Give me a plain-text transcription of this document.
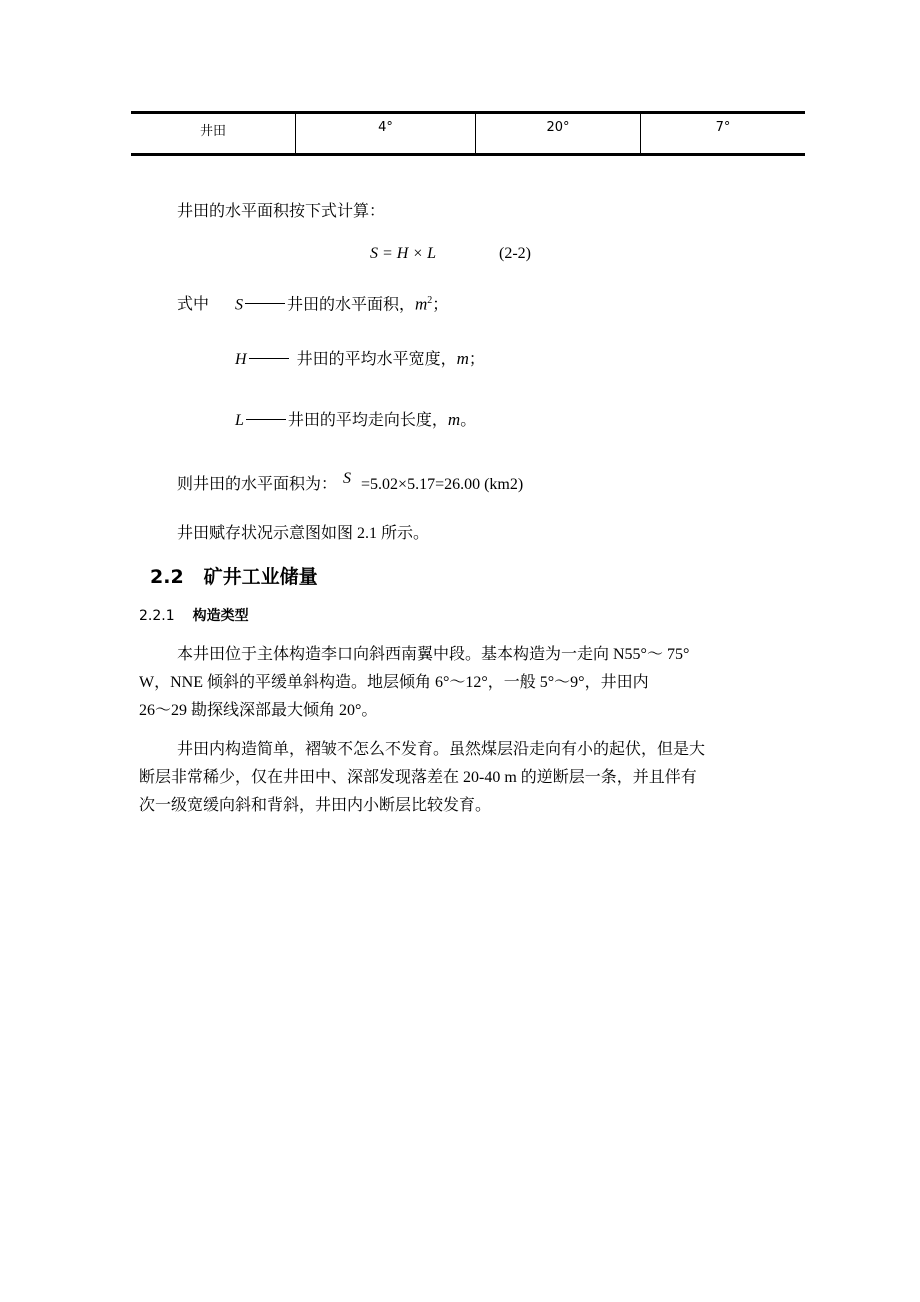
井田	4°	20°	7°
井田的水平面积按下式计算：
S = H × L	(2-2)
式中 S	井田的水平面积，$m^2$；
H	井田的平均水平宽度，m；
L	井田的平均走向长度，m。
则井田的水平面积为： S =5.02×5.17=26.00 (km2)
井田赋存状况示意图如图 2.1 所示。
2.2 矿井工业储量
2.2.1 构造类型
本井田位于主体构造李口向斜西南翼中段。基本构造为一走向 N55°～ 75°
W，NNE 倾斜的平缓单斜构造。地层倾角 6°～12°，一般 5°～9°，井田内
26～29 勘探线深部最大倾角 20°。
井田内构造简单，褶皱不怎么不发育。虽然煤层沿走向有小的起伏，但是大
断层非常稀少，仅在井田中、深部发现落差在 20-40 m 的逆断层一条，并且伴有
次一级宽缓向斜和背斜，井田内小断层比较发育。
